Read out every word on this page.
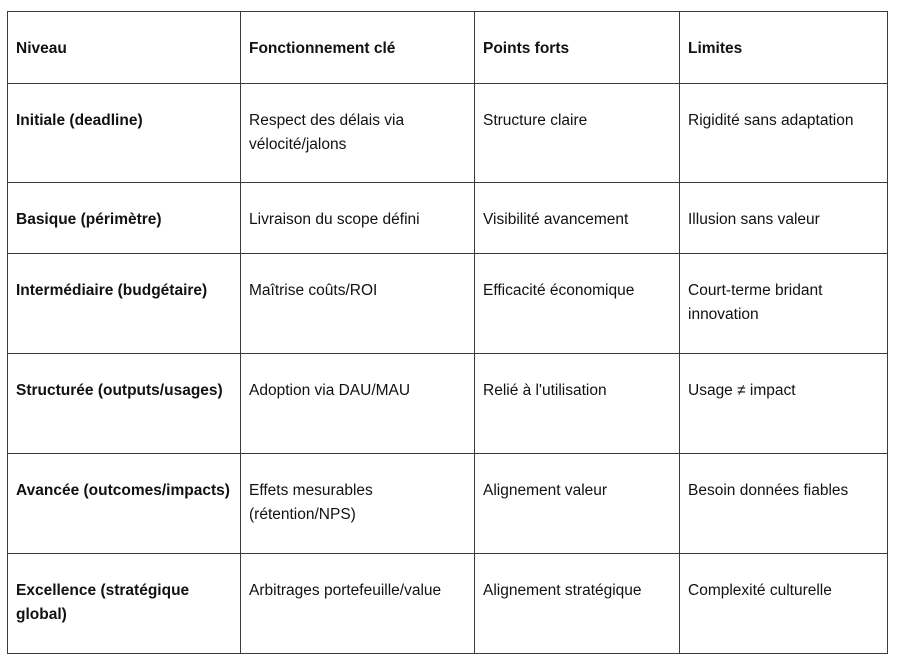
Niveau	Fonctionnement clé	Points forts	Limites
Initiale (deadline)	Respect des délais via vélocité/jalons	Structure claire	Rigidité sans adaptation
Basique (périmètre)	Livraison du scope défini	Visibilité avancement	Illusion sans valeur
Intermédiaire (budgétaire)	Maîtrise coûts/ROI	Efficacité économique	Court-terme bridant innovation
Structurée (outputs/usages)	Adoption via DAU/MAU	Relié à l'utilisation	Usage ≠ impact
Avancée (outcomes/impacts)	Effets mesurables (rétention/NPS)	Alignement valeur	Besoin données fiables
Excellence (stratégique global)	Arbitrages portefeuille/value	Alignement stratégique	Complexité culturelle
